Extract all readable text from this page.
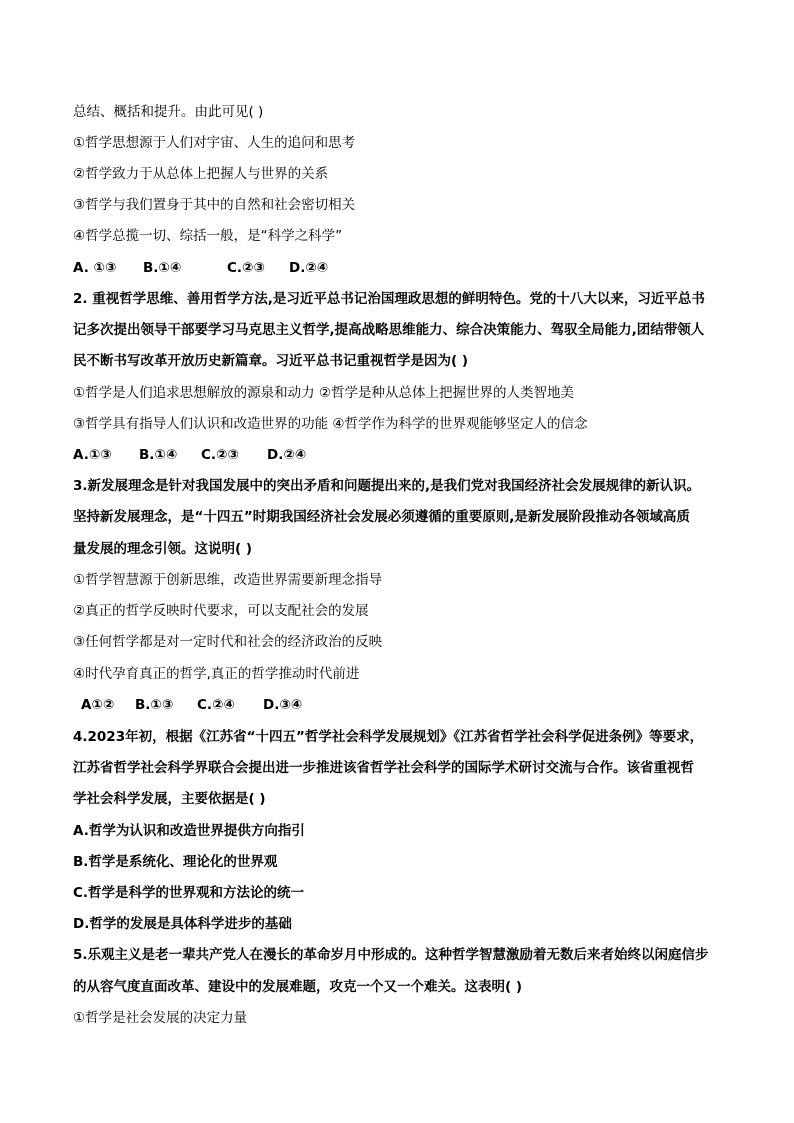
总结、概括和提升。由此可见( )
①哲学思想源于人们对宇宙、人生的追问和思考
②哲学致力于从总体上把握人与世界的关系
③哲学与我们置身于其中的自然和社会密切相关
④哲学总揽一切、综括一般，是“科学之科学”
A. ①③ B.①④	C.②③ D.②④
2. 重视哲学思维、善用哲学方法,是习近平总书记治国理政思想的鲜明特色。党的十八大以来，习近平总书
记多次提出领导干部要学习马克思主义哲学,提高战略思维能力、综合决策能力、驾驭全局能力,团结带领人
民不断书写改革开放历史新篇章。习近平总书记重视哲学是因为( )
①哲学是人们追求思想解放的源泉和动力 ②哲学是种从总体上把握世界的人类智地美
③哲学具有指导人们认识和改造世界的功能 ④哲学作为科学的世界观能够坚定人的信念
A.①③ B.①④ C.②③ D.②④
3.新发展理念是针对我国发展中的突出矛盾和问题提出来的,是我们党对我国经济社会发展规律的新认识。
坚持新发展理念，是“十四五”时期我国经济社会发展必须遵循的重要原则,是新发展阶段推动各领域高质
量发展的理念引领。这说明( )
①哲学智慧源于创新思维，改造世界需要新理念指导
②真正的哲学反映时代要求，可以支配社会的发展
③任何哲学都是对一定时代和社会的经济政治的反映
④时代孕育真正的哲学,真正的哲学推动时代前进
A①② B.①③ C.②④ D.③④
4.2023年初，根据《江苏省“十四五”哲学社会科学发展规划》《江苏省哲学社会科学促进条例》等要求，
江苏省哲学社会科学界联合会提出进一步推进该省哲学社会科学的国际学术研讨交流与合作。该省重视哲
学社会科学发展，主要依据是( )
A.哲学为认识和改造世界提供方向指引
B.哲学是系统化、理论化的世界观
C.哲学是科学的世界观和方法论的统一
D.哲学的发展是具体科学进步的基础
5.乐观主义是老一辈共产党人在漫长的革命岁月中形成的。这种哲学智慧激励着无数后来者始终以闲庭信步
的从容气度直面改革、建设中的发展难题，攻克一个又一个难关。这表明( )
①哲学是社会发展的决定力量
